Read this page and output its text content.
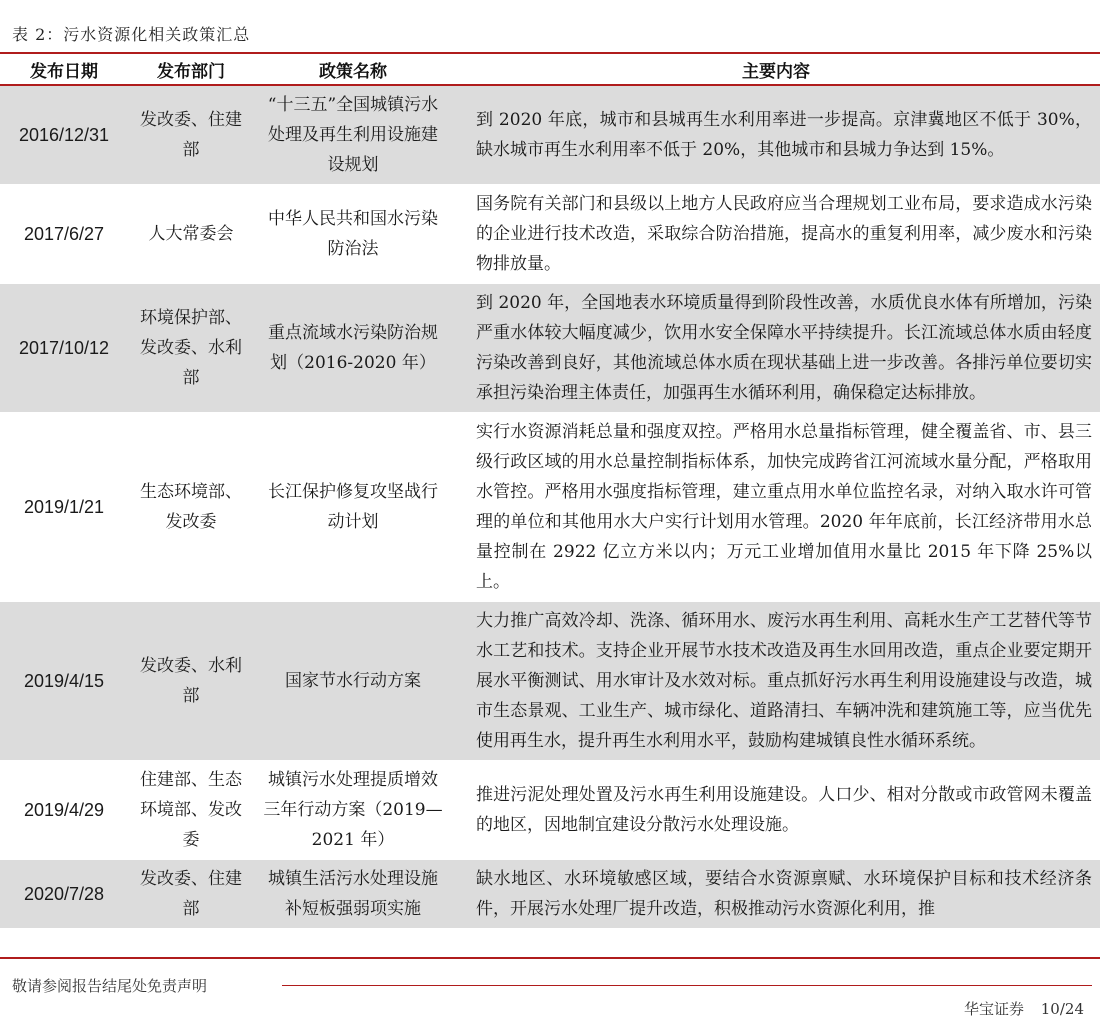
表 2：污水资源化相关政策汇总
发布日期	发布部门	政策名称	主要内容
2016/12/31	发改委、住建部	“十三五”全国城镇污水处理及再生利用设施建设规划	到 2020 年底，城市和县城再生水利用率进一步提高。京津冀地区不低于 30%，缺水城市再生水利用率不低于 20%，其他城市和县城力争达到 15%。
2017/6/27	人大常委会	中华人民共和国水污染防治法	国务院有关部门和县级以上地方人民政府应当合理规划工业布局，要求造成水污染的企业进行技术改造，采取综合防治措施，提高水的重复利用率，减少废水和污染物排放量。
2017/10/12	环境保护部、发改委、水利部	重点流域水污染防治规划（2016-2020 年）	到 2020 年，全国地表水环境质量得到阶段性改善，水质优良水体有所增加，污染严重水体较大幅度减少，饮用水安全保障水平持续提升。长江流域总体水质由轻度污染改善到良好，其他流域总体水质在现状基础上进一步改善。各排污单位要切实承担污染治理主体责任，加强再生水循环利用，确保稳定达标排放。
2019/1/21	生态环境部、发改委	长江保护修复攻坚战行动计划	实行水资源消耗总量和强度双控。严格用水总量指标管理，健全覆盖省、市、县三级行政区域的用水总量控制指标体系，加快完成跨省江河流域水量分配，严格取用水管控。严格用水强度指标管理，建立重点用水单位监控名录，对纳入取水许可管理的单位和其他用水大户实行计划用水管理。2020 年年底前，长江经济带用水总量控制在 2922 亿立方米以内；万元工业增加值用水量比 2015 年下降 25%以上。
2019/4/15	发改委、水利部	国家节水行动方案	大力推广高效冷却、洗涤、循环用水、废污水再生利用、高耗水生产工艺替代等节水工艺和技术。支持企业开展节水技术改造及再生水回用改造，重点企业要定期开展水平衡测试、用水审计及水效对标。重点抓好污水再生利用设施建设与改造，城市生态景观、工业生产、城市绿化、道路清扫、车辆冲洗和建筑施工等，应当优先使用再生水，提升再生水利用水平，鼓励构建城镇良性水循环系统。
2019/4/29	住建部、生态环境部、发改委	城镇污水处理提质增效三年行动方案（2019—2021 年）	推进污泥处理处置及污水再生利用设施建设。人口少、相对分散或市政管网未覆盖的地区，因地制宜建设分散污水处理设施。
2020/7/28	发改委、住建部	城镇生活污水处理设施补短板强弱项实施	缺水地区、水环境敏感区域，要结合水资源禀赋、水环境保护目标和技术经济条件，开展污水处理厂提升改造，积极推动污水资源化利用，推
敬请参阅报告结尾处免责声明
华宝证券 10/24
